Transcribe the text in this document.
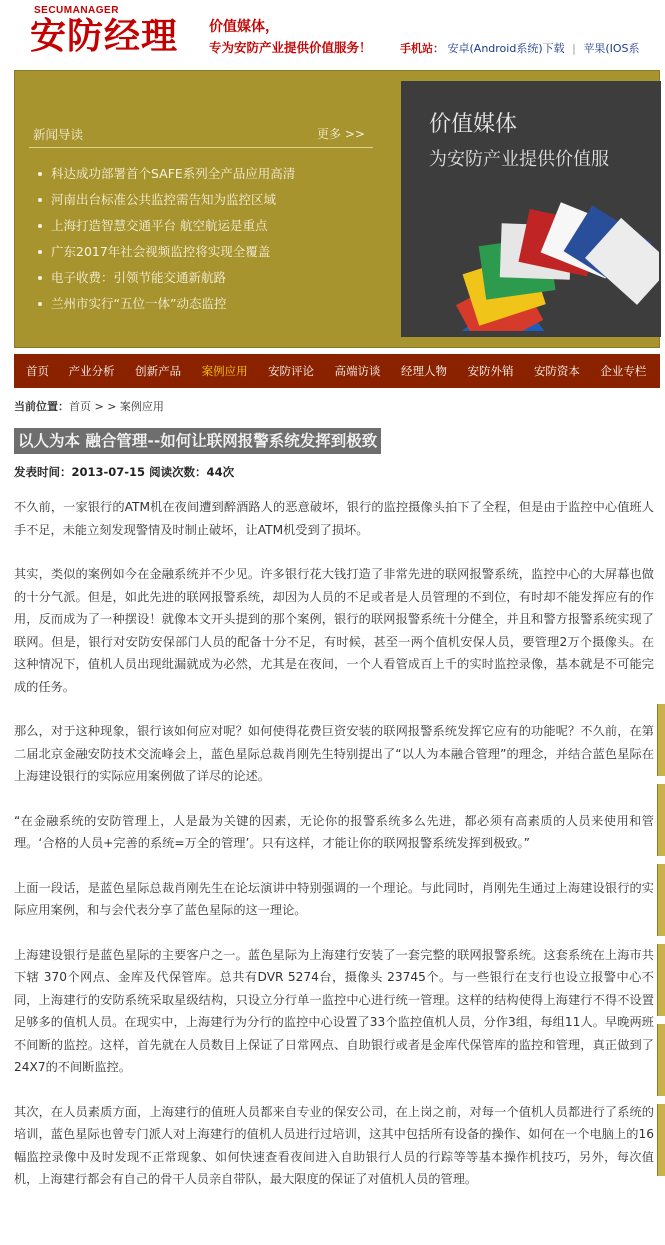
SECUMANAGER
安防经理 价值媒体，
专为安防产业提供价值服务！	手机站： 安卓(Android系统)下载 | 苹果(IOS系
新闻导读	更多 >>
科达成功部署首个SAFE系列全产品应用高清
河南出台标准公共监控需告知为监控区域
上海打造智慧交通平台 航空航运是重点
广东2017年社会视频监控将实现全覆盖
电子收费：引领节能交通新航路
兰州市实行“五位一体”动态监控
价值媒体
为安防产业提供价值服
首页	产业分析	创新产品	案例应用	安防评论	高端访谈	经理人物	安防外销	安防资本	企业专栏
当前位置：首页 > > 案例应用
以人为本 融合管理--如何让联网报警系统发挥到极致
发表时间：2013-07-15 阅读次数：44次

不久前，一家银行的ATM机在夜间遭到醉酒路人的恶意破坏，银行的监控摄像头拍下了全程，但是由于监控中心值班人手不足，未能立刻发现警情及时制止破坏，让ATM机受到了损坏。

其实，类似的案例如今在金融系统并不少见。许多银行花大钱打造了非常先进的联网报警系统，监控中心的大屏幕也做的十分气派。但是，如此先进的联网报警系统，却因为人员的不足或者是人员管理的不到位，有时却不能发挥应有的作用，反而成为了一种摆设！就像本文开头提到的那个案例，银行的联网报警系统十分健全，并且和警方报警系统实现了联网。但是，银行对安防安保部门人员的配备十分不足，有时候，甚至一两个值机安保人员，要管理2万个摄像头。在这种情况下，值机人员出现纰漏就成为必然，尤其是在夜间，一个人看管成百上千的实时监控录像，基本就是不可能完成的任务。

那么，对于这种现象，银行该如何应对呢？如何使得花费巨资安装的联网报警系统发挥它应有的功能呢？不久前，在第二届北京金融安防技术交流峰会上，蓝色星际总裁肖刚先生特别提出了“以人为本融合管理”的理念，并结合蓝色星际在上海建设银行的实际应用案例做了详尽的论述。

“在金融系统的安防管理上，人是最为关键的因素，无论你的报警系统多么先进，都必须有高素质的人员来使用和管理。‘合格的人员+完善的系统=万全的管理’。只有这样，才能让你的联网报警系统发挥到极致。”

上面一段话，是蓝色星际总裁肖刚先生在论坛演讲中特别强调的一个理论。与此同时，肖刚先生通过上海建设银行的实际应用案例，和与会代表分享了蓝色星际的这一理论。

上海建设银行是蓝色星际的主要客户之一。蓝色星际为上海建行安装了一套完整的联网报警系统。这套系统在上海市共下辖 370个网点、金库及代保管库。总共有DVR 5274台，摄像头 23745个。与一些银行在支行也设立报警中心不同，上海建行的安防系统采取星级结构，只设立分行单一监控中心进行统一管理。这样的结构使得上海建行不得不设置足够多的值机人员。在现实中，上海建行为分行的监控中心设置了33个监控值机人员，分作3组，每组11人。早晚两班不间断的监控。这样，首先就在人员数目上保证了日常网点、自助银行或者是金库代保管库的监控和管理，真正做到了24X7的不间断监控。

其次，在人员素质方面，上海建行的值班人员都来自专业的保安公司，在上岗之前，对每一个值机人员都进行了系统的培训，蓝色星际也曾专门派人对上海建行的值机人员进行过培训，这其中包括所有设备的操作、如何在一个电脑上的16幅监控录像中及时发现不正常现象、如何快速查看夜间进入自助银行人员的行踪等等基本操作机技巧，另外，每次值机，上海建行都会有自己的骨干人员亲自带队，最大限度的保证了对值机人员的管理。
